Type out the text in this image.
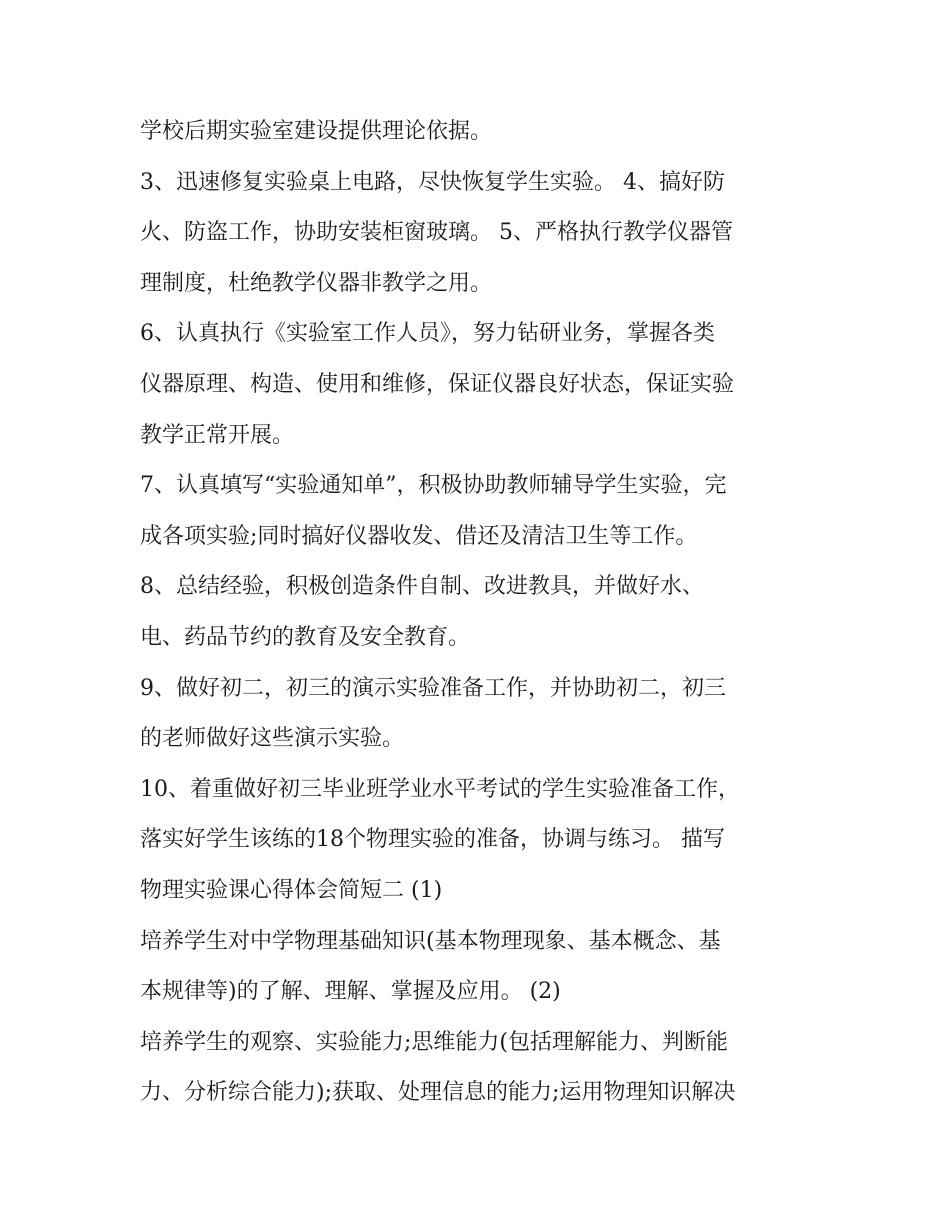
学校后期实验室建设提供理论依据。
3、迅速修复实验桌上电路，尽快恢复学生实验。 4、搞好防
火、防盗工作，协助安装柜窗玻璃。 5、严格执行教学仪器管
理制度，杜绝教学仪器非教学之用。
6、认真执行《实验室工作人员》，努力钻研业务，掌握各类
仪器原理、构造、使用和维修，保证仪器良好状态，保证实验
教学正常开展。
7、认真填写“实验通知单”，积极协助教师辅导学生实验，完
成各项实验;同时搞好仪器收发、借还及清洁卫生等工作。
8、总结经验，积极创造条件自制、改进教具，并做好水、
电、药品节约的教育及安全教育。
9、做好初二，初三的演示实验准备工作，并协助初二，初三
的老师做好这些演示实验。
10、着重做好初三毕业班学业水平考试的学生实验准备工作，
落实好学生该练的18个物理实验的准备，协调与练习。 描写
物理实验课心得体会简短二 (1)
培养学生对中学物理基础知识(基本物理现象、基本概念、基
本规律等)的了解、理解、掌握及应用。 (2)
培养学生的观察、实验能力;思维能力(包括理解能力、判断能
力、分析综合能力);获取、处理信息的能力;运用物理知识解决
